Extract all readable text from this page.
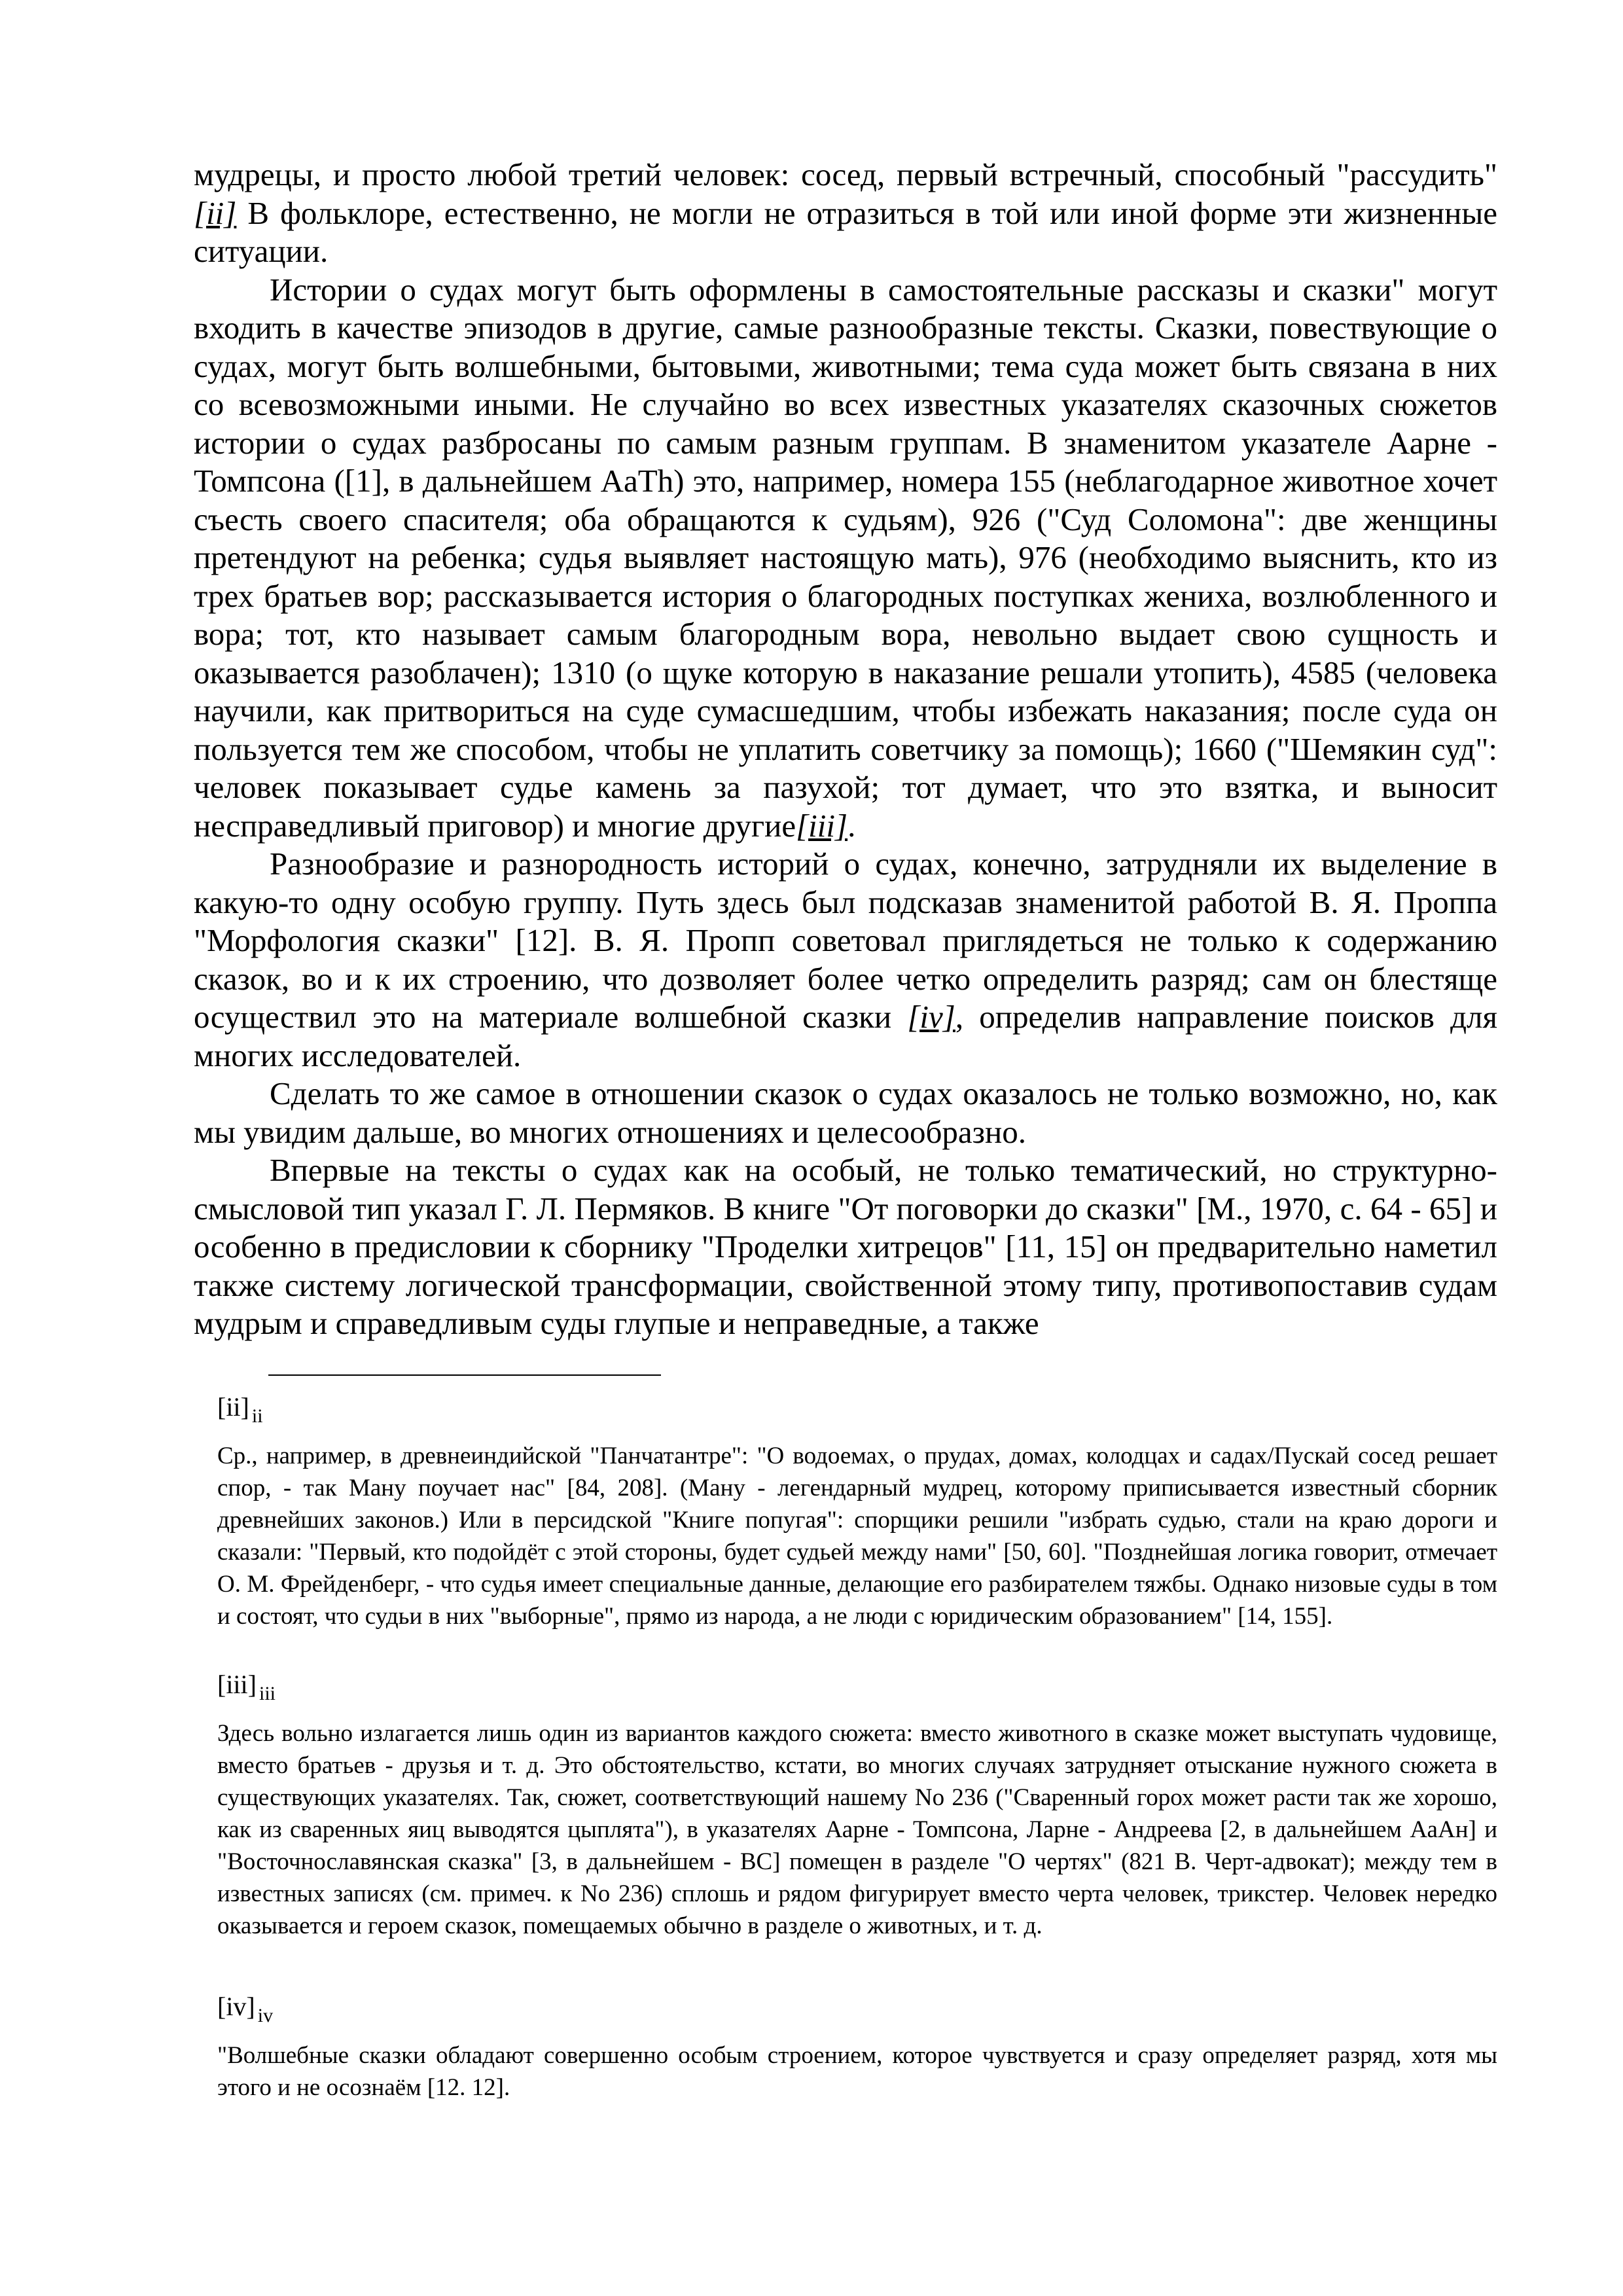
мудрецы, и просто любой третий человек: сосед, первый встречный, способный "рассудить"[ii] В фольклоре, естественно, не могли не отразиться в той или иной форме эти жизненные ситуации.

Истории о судах могут быть оформлены в самостоятельные рассказы и сказки" могут входить в качестве эпизодов в другие, самые разнообразные тексты. Сказки, повествующие о судах, могут быть волшебными, бытовыми, животными; тема суда может быть связана в них со всевозможными иными. Не случайно во всех известных указателях сказочных сюжетов истории о судах разбросаны по самым разным группам. В знаменитом указателе Аарне - Томпсона ([1], в дальнейшем AaTh) это, например, номера 155 (неблагодарное животное хочет съесть своего спасителя; оба обращаются к судьям), 926 ("Суд Соломона": две женщины претендуют на ребенка; судья выявляет настоящую мать), 976 (необходимо выяснить, кто из трех братьев вор; рассказывается история о благородных поступках жениха, возлюбленного и вора; тот, кто называет самым благородным вора, невольно выдает свою сущность и оказывается разоблачен); 1310 (о щуке которую в наказание решали утопить), 4585 (человека научили, как притвориться на суде сумасшедшим, чтобы избежать наказания; после суда он пользуется тем же способом, чтобы не уплатить советчику за помощь); 1660 ("Шемякин суд": человек показывает судье камень за пазухой; тот думает, что это взятка, и выносит несправедливый приговор) и многие другие[iii].

Разнообразие и разнородность историй о судах, конечно, затрудняли их выделение в какую-то одну особую группу. Путь здесь был подсказав знаменитой работой В. Я. Проппа "Морфология сказки" [12]. В. Я. Пропп советовал приглядеться не только к содержанию сказок, во и к их строению, что дозволяет более четко определить разряд; сам он блестяще осуществил это на материале волшебной сказки [iv], определив направление поисков для многих исследователей.

Сделать то же самое в отношении сказок о судах оказалось не только возможно, но, как мы увидим дальше, во многих отношениях и целесообразно.

Впервые на тексты о судах как на особый, не только тематический, но структурно-смысловой тип указал Г. Л. Пермяков. В книге "От поговорки до сказки" [М., 1970, с. 64 - 65] и особенно в предисловии к сборнику "Проделки хитрецов" [11, 15] он предварительно наметил также систему логической трансформации, свойственной этому типу, противопоставив судам мудрым и справедливым суды глупые и неправедные, а также

[ii] $_{ii}$

Ср., например, в древнеиндийской "Панчатантре": "О водоемах, о прудах, домах, колодцах и садах/Пускай сосед решает спор, - так Ману поучает нас" [84, 208]. (Ману - легендарный мудрец, которому приписывается известный сборник древнейших законов.) Или в персидской "Книге попугая": спорщики решили "избрать судью, стали на краю дороги и сказали: "Первый, кто подойдёт с этой стороны, будет судьей между нами" [50, 60]. "Позднейшая логика говорит, отмечает О. М. Фрейденберг, - что судья имеет специальные данные, делающие его разбирателем тяжбы. Однако низовые суды в том и состоят, что судьи в них "выборные", прямо из народа, а не люди с юридическим образованием" [14, 155].

[iii] $_{iii}$

Здесь вольно излагается лишь один из вариантов каждого сюжета: вместо животного в сказке может выступать чудовище, вместо братьев - друзья и т. д. Это обстоятельство, кстати, во многих случаях затрудняет отыскание нужного сюжета в существующих указателях. Так, сюжет, соответствующий нашему No 236 ("Сваренный горох может расти так же хорошо, как из сваренных яиц выводятся цыплята"), в указателях Аарне - Томпсона, Ларне - Андреева [2, в дальнейшем АаАн] и "Восточнославянская сказка" [3, в дальнейшем - ВС] помещен в разделе "О чертях" (821 В. Черт-адвокат); между тем в известных записях (см. примеч. к No 236) сплошь и рядом фигурирует вместо черта человек, трикстер. Человек нередко оказывается и героем сказок, помещаемых обычно в разделе о животных, и т. д.

[iv] $_{iv}$

"Волшебные сказки обладают совершенно особым строением, которое чувствуется и сразу определяет разряд, хотя мы этого и не осознаём [12. 12].
